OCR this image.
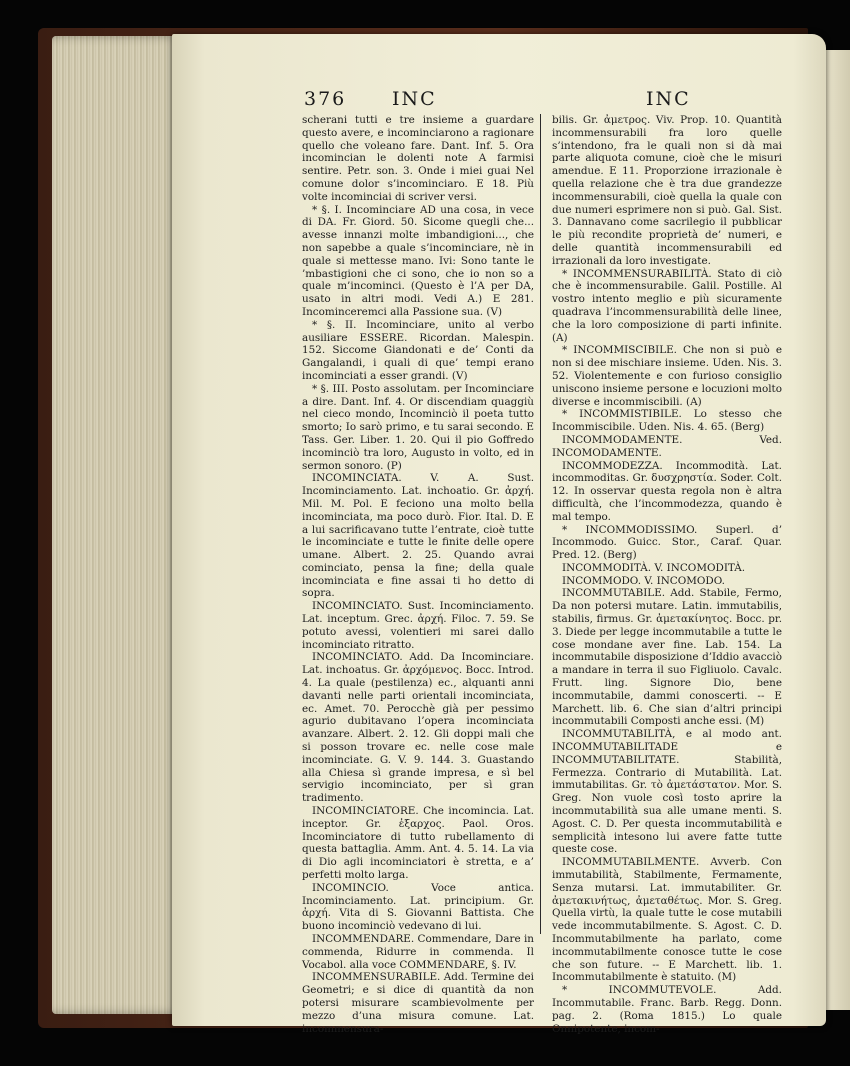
376 INC	INC

scherani tutti e tre insieme a guardare questo avere, e incominciarono a ragionare quello che voleano fare. Dant. Inf. 5. Ora incomincian le dolenti note A farmisi sentire. Petr. son. 3. Onde i miei guai Nel comune dolor s’incominciaro. E 18. Più volte incominciai di scriver versi.

* §. I. Incominciare AD una cosa, in vece di DA. Fr. Giord. 50. Sicome quegli che... avesse innanzi molte imbandigioni..., che non sapebbe a quale s’incominciare, nè in quale si mettesse mano. Ivi: Sono tante le ’mbastigioni che ci sono, che io non so a quale m’incominci. (Questo è l’A per DA, usato in altri modi. Vedi A.) E 281. Incominceremci alla Passione sua. (V)

* §. II. Incominciare, unito al verbo ausiliare ESSERE. Ricordan. Malespin. 152. Siccome Giandonati e de’ Conti da Gangalandi, i quali di que’ tempi erano incominciati a esser grandi. (V)

* §. III. Posto assolutam. per Incominciare a dire. Dant. Inf. 4. Or discendiam quaggiù nel cieco mondo, Incominciò il poeta tutto smorto; Io sarò primo, e tu sarai secondo. E Tass. Ger. Liber. 1. 20. Qui il pio Goffredo incominciò tra loro, Augusto in volto, ed in sermon sonoro. (P)

INCOMINCIATA. V. A. Sust. Incominciamento. Lat. inchoatio. Gr. ἀρχή. Mil. M. Pol. E feciono una molto bella incominciata, ma poco durò. Fior. Ital. D. E a lui sacrificavano tutte l’entrate, cioè tutte le incominciate e tutte le finite delle opere umane. Albert. 2. 25. Quando avrai cominciato, pensa la fine; della quale incominciata e fine assai ti ho detto di sopra.

INCOMINCIATO. Sust. Incominciamento. Lat. inceptum. Grec. ἀρχή. Filoc. 7. 59. Se potuto avessi, volentieri mi sarei dallo incominciato ritratto.

INCOMINCIATO. Add. Da Incominciare. Lat. inchoatus. Gr. ἀρχόμενος. Bocc. Introd. 4. La quale (pestilenza) ec., alquanti anni davanti nelle parti orientali incominciata, ec. Amet. 70. Perocchè già per pessimo agurio dubitavano l’opera incominciata avanzare. Albert. 2. 12. Gli doppi mali che si posson trovare ec. nelle cose male incominciate. G. V. 9. 144. 3. Guastando alla Chiesa sì grande impresa, e sì bel servigio incominciato, per sì gran tradimento.

INCOMINCIATORE. Che incomincia. Lat. inceptor. Gr. ἐξαρχος. Paol. Oros. Incominciatore di tutto rubellamento di questa battaglia. Amm. Ant. 4. 5. 14. La via di Dio agli incominciatori è stretta, e a’ perfetti molto larga.

INCOMINCIO. Voce antica. Incominciamento. Lat. principium. Gr. ἀρχή. Vita di S. Giovanni Battista. Che buono incominciò vedevano di lui.

INCOMMENDARE. Commendare, Dare in commenda, Ridurre in commenda. Il Vocabol. alla voce COMMENDARE, §. IV.

INCOMMENSURABILE. Add. Termine dei Geometri; e si dice di quantità da non potersi misurare scambievolmente per mezzo d’una misura comune. Lat. incommensura-

bilis. Gr. ἀμετρος. Viv. Prop. 10. Quantità incommensurabili fra loro quelle s’intendono, fra le quali non si dà mai parte aliquota comune, cioè che le misuri amendue. E 11. Proporzione irrazionale è quella relazione che è tra due grandezze incommensurabili, cioè quella la quale con due numeri esprimere non si può. Gal. Sist. 3. Dannavano come sacrilegio il pubblicar le più recondite proprietà de’ numeri, e delle quantità incommensurabili ed irrazionali da loro investigate.

* INCOMMENSURABILITÀ. Stato di ciò che è incommensurabile. Galil. Postille. Al vostro intento meglio e più sicuramente quadrava l’incommensurabilità delle linee, che la loro composizione di parti infinite. (A)

* INCOMMISCIBILE. Che non si può e non si dee mischiare insieme. Uden. Nis. 3. 52. Violentemente e con furioso consiglio uniscono insieme persone e locuzioni molto diverse e incommiscibili. (A)

* INCOMMISTIBILE. Lo stesso che Incommiscibile. Uden. Nis. 4. 65. (Berg)

INCOMMODAMENTE. Ved. INCOMODAMENTE.

INCOMMODEZZA. Incommodità. Lat. incommoditas. Gr. δυσχρηστία. Soder. Colt. 12. In osservar questa regola non è altra difficultà, che l’incommodezza, quando è mal tempo.

* INCOMMODISSIMO. Superl. d’ Incommodo. Guicc. Stor., Caraf. Quar. Pred. 12. (Berg)

INCOMMODITÀ. V. INCOMODITÀ.

INCOMMODO. V. INCOMODO.

INCOMMUTABILE. Add. Stabile, Fermo, Da non potersi mutare. Latin. immutabilis, stabilis, firmus. Gr. ἀμετακίνητος. Bocc. pr. 3. Diede per legge incommutabile a tutte le cose mondane aver fine. Lab. 154. La incommutabile disposizione d’Iddio avacciò a mandare in terra il suo Figliuolo. Cavalc. Frutt. ling. Signore Dio, bene incommutabile, dammi conoscerti. -- E Marchett. lib. 6. Che sian d’altri principi incommutabili Composti anche essi. (M)

INCOMMUTABILITÀ, e al modo ant. INCOMMUTABILITADE e INCOMMUTABILITATE. Stabilità, Fermezza. Contrario di Mutabilità. Lat. immutabilitas. Gr. τὸ ἀμετάστατον. Mor. S. Greg. Non vuole così tosto aprire la incommutabilità sua alle umane menti. S. Agost. C. D. Per questa incommutabilità e semplicità intesono lui avere fatte tutte queste cose.

INCOMMUTABILMENTE. Avverb. Con immutabilità, Stabilmente, Fermamente, Senza mutarsi. Lat. immutabiliter. Gr. ἀμετακινήτως, ἀμεταθέτως. Mor. S. Greg. Quella virtù, la quale tutte le cose mutabili vede incommutabilmente. S. Agost. C. D. Incommutabilmente ha parlato, come incommutabilmente conosce tutte le cose che son future. -- E Marchett. lib. 1. Incommutabilmente è statuito. (M)

* INCOMMUTEVOLE. Add. Incommutabile. Franc. Barb. Regg. Donn. pag. 2. (Roma 1815.) Lo quale Onnipotente, incom-
